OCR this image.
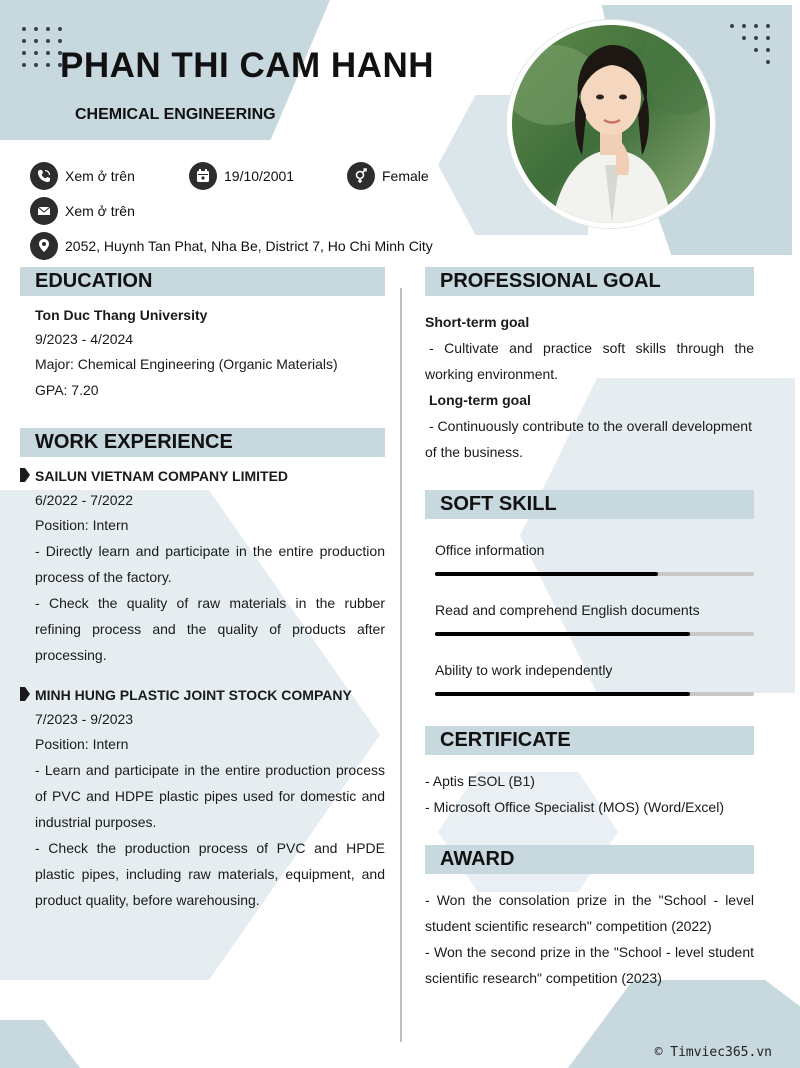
PHAN THI CAM HANH
CHEMICAL ENGINEERING
Xem ở trên	19/10/2001	Female
Xem ở trên
2052, Huynh Tan Phat, Nha Be, District 7, Ho Chi Minh City
EDUCATION
Ton Duc Thang University
9/2023 - 4/2024
Major: Chemical Engineering (Organic Materials)
GPA: 7.20
WORK EXPERIENCE
SAILUN VIETNAM COMPANY LIMITED
6/2022 - 7/2022
Position: Intern
- Directly learn and participate in the entire production process of the factory.
- Check the quality of raw materials in the rubber refining process and the quality of products after processing.
MINH HUNG PLASTIC JOINT STOCK COMPANY
7/2023 - 9/2023
Position: Intern
- Learn and participate in the entire production process of PVC and HDPE plastic pipes used for domestic and industrial purposes.
- Check the production process of PVC and HPDE plastic pipes, including raw materials, equipment, and product quality, before warehousing.
PROFESSIONAL GOAL
Short-term goal
- Cultivate and practice soft skills through the working environment.
Long-term goal
- Continuously contribute to the overall development of the business.
SOFT SKILL
Office information
Read and comprehend English documents
Ability to work independently
CERTIFICATE
- Aptis ESOL (B1)
- Microsoft Office Specialist (MOS) (Word/Excel)
AWARD
- Won the consolation prize in the "School - level student scientific research" competition (2022)
- Won the second prize in the "School - level student scientific research" competition (2023)
© Timviec365.vn
